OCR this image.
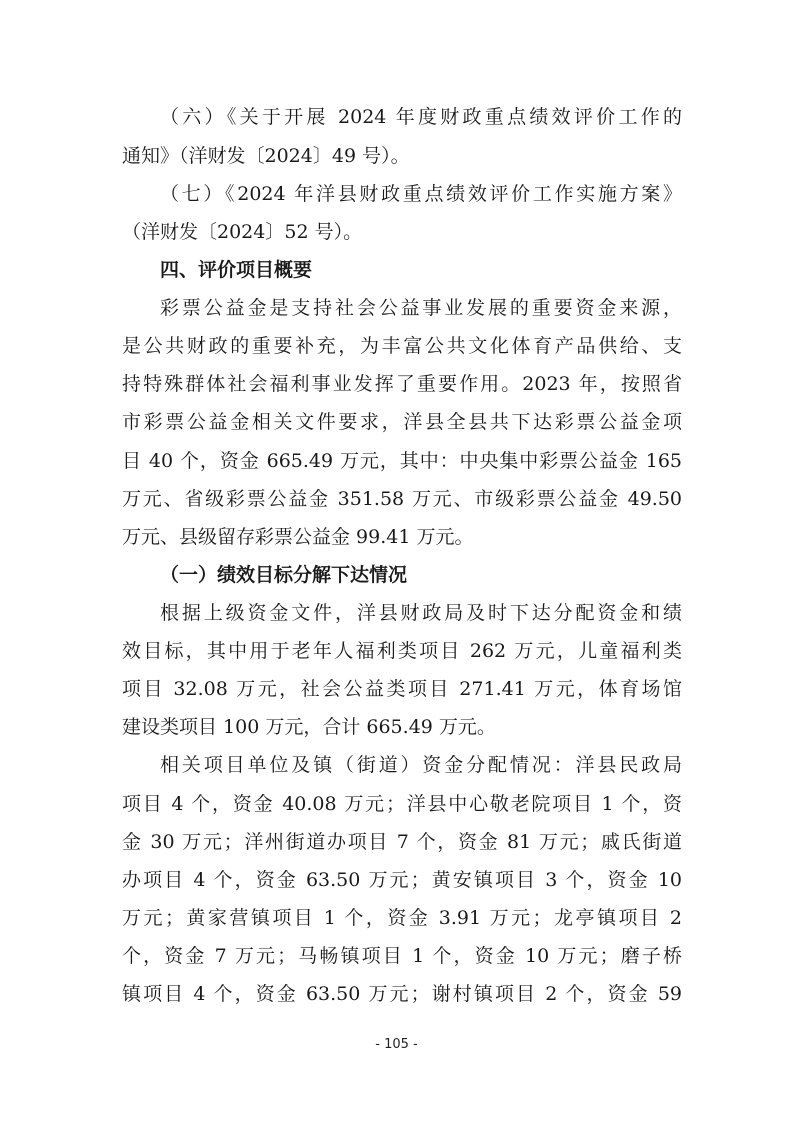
（六）《关于开展 2024 年度财政重点绩效评价工作的
通知》（洋财发〔2024〕49 号）。
（七）《2024 年洋县财政重点绩效评价工作实施方案》
（洋财发〔2024〕52 号）。
四、评价项目概要
彩票公益金是支持社会公益事业发展的重要资金来源，
是公共财政的重要补充，为丰富公共文化体育产品供给、支
持特殊群体社会福利事业发挥了重要作用。2023 年，按照省
市彩票公益金相关文件要求，洋县全县共下达彩票公益金项
目 40 个，资金 665.49 万元，其中：中央集中彩票公益金 165
万元、省级彩票公益金 351.58 万元、市级彩票公益金 49.50
万元、县级留存彩票公益金 99.41 万元。
（一）绩效目标分解下达情况
根据上级资金文件，洋县财政局及时下达分配资金和绩
效目标，其中用于老年人福利类项目 262 万元，儿童福利类
项目 32.08 万元，社会公益类项目 271.41 万元，体育场馆
建设类项目 100 万元，合计 665.49 万元。
相关项目单位及镇（街道）资金分配情况：洋县民政局
项目 4 个，资金 40.08 万元；洋县中心敬老院项目 1 个，资
金 30 万元；洋州街道办项目 7 个，资金 81 万元；戚氏街道
办项目 4 个，资金 63.50 万元；黄安镇项目 3 个，资金 10
万元；黄家营镇项目 1 个，资金 3.91 万元；龙亭镇项目 2
个，资金 7 万元；马畅镇项目 1 个，资金 10 万元；磨子桥
镇项目 4 个，资金 63.50 万元；谢村镇项目 2 个，资金 59
- 105 -
